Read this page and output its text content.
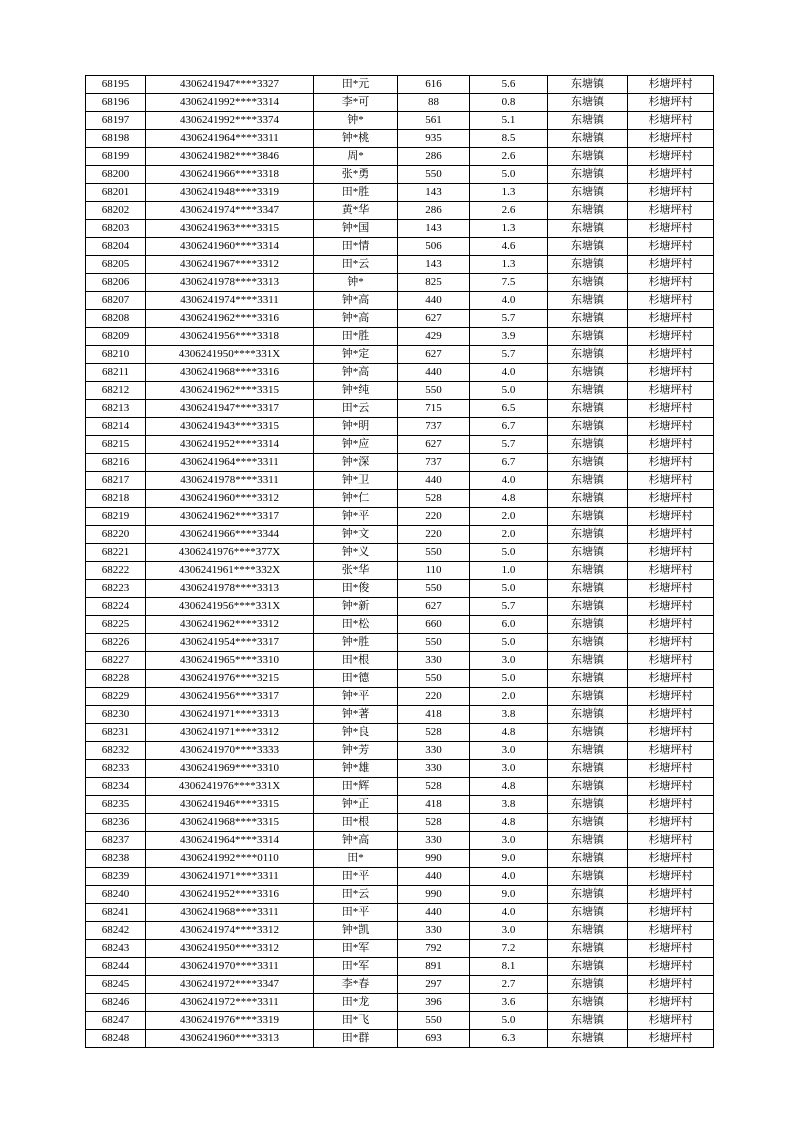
68195	4306241947****3327	田*元	616	5.6	东塘镇	杉塘坪村
68196	4306241992****3314	李*可	88	0.8	东塘镇	杉塘坪村
68197	4306241992****3374	钟*	561	5.1	东塘镇	杉塘坪村
68198	4306241964****3311	钟*桃	935	8.5	东塘镇	杉塘坪村
68199	4306241982****3846	周*	286	2.6	东塘镇	杉塘坪村
68200	4306241966****3318	张*勇	550	5.0	东塘镇	杉塘坪村
68201	4306241948****3319	田*胜	143	1.3	东塘镇	杉塘坪村
68202	4306241974****3347	黄*华	286	2.6	东塘镇	杉塘坪村
68203	4306241963****3315	钟*国	143	1.3	东塘镇	杉塘坪村
68204	4306241960****3314	田*情	506	4.6	东塘镇	杉塘坪村
68205	4306241967****3312	田*云	143	1.3	东塘镇	杉塘坪村
68206	4306241978****3313	钟*	825	7.5	东塘镇	杉塘坪村
68207	4306241974****3311	钟*高	440	4.0	东塘镇	杉塘坪村
68208	4306241962****3316	钟*高	627	5.7	东塘镇	杉塘坪村
68209	4306241956****3318	田*胜	429	3.9	东塘镇	杉塘坪村
68210	4306241950****331X	钟*定	627	5.7	东塘镇	杉塘坪村
68211	4306241968****3316	钟*高	440	4.0	东塘镇	杉塘坪村
68212	4306241962****3315	钟*纯	550	5.0	东塘镇	杉塘坪村
68213	4306241947****3317	田*云	715	6.5	东塘镇	杉塘坪村
68214	4306241943****3315	钟*明	737	6.7	东塘镇	杉塘坪村
68215	4306241952****3314	钟*应	627	5.7	东塘镇	杉塘坪村
68216	4306241964****3311	钟*深	737	6.7	东塘镇	杉塘坪村
68217	4306241978****3311	钟*卫	440	4.0	东塘镇	杉塘坪村
68218	4306241960****3312	钟*仁	528	4.8	东塘镇	杉塘坪村
68219	4306241962****3317	钟*平	220	2.0	东塘镇	杉塘坪村
68220	4306241966****3344	钟*文	220	2.0	东塘镇	杉塘坪村
68221	4306241976****377X	钟*义	550	5.0	东塘镇	杉塘坪村
68222	4306241961****332X	张*华	110	1.0	东塘镇	杉塘坪村
68223	4306241978****3313	田*俊	550	5.0	东塘镇	杉塘坪村
68224	4306241956****331X	钟*新	627	5.7	东塘镇	杉塘坪村
68225	4306241962****3312	田*松	660	6.0	东塘镇	杉塘坪村
68226	4306241954****3317	钟*胜	550	5.0	东塘镇	杉塘坪村
68227	4306241965****3310	田*根	330	3.0	东塘镇	杉塘坪村
68228	4306241976****3215	田*德	550	5.0	东塘镇	杉塘坪村
68229	4306241956****3317	钟*平	220	2.0	东塘镇	杉塘坪村
68230	4306241971****3313	钟*著	418	3.8	东塘镇	杉塘坪村
68231	4306241971****3312	钟*良	528	4.8	东塘镇	杉塘坪村
68232	4306241970****3333	钟*芳	330	3.0	东塘镇	杉塘坪村
68233	4306241969****3310	钟*雄	330	3.0	东塘镇	杉塘坪村
68234	4306241976****331X	田*辉	528	4.8	东塘镇	杉塘坪村
68235	4306241946****3315	钟*正	418	3.8	东塘镇	杉塘坪村
68236	4306241968****3315	田*根	528	4.8	东塘镇	杉塘坪村
68237	4306241964****3314	钟*高	330	3.0	东塘镇	杉塘坪村
68238	4306241992****0110	田*	990	9.0	东塘镇	杉塘坪村
68239	4306241971****3311	田*平	440	4.0	东塘镇	杉塘坪村
68240	4306241952****3316	田*云	990	9.0	东塘镇	杉塘坪村
68241	4306241968****3311	田*平	440	4.0	东塘镇	杉塘坪村
68242	4306241974****3312	钟*凯	330	3.0	东塘镇	杉塘坪村
68243	4306241950****3312	田*军	792	7.2	东塘镇	杉塘坪村
68244	4306241970****3311	田*军	891	8.1	东塘镇	杉塘坪村
68245	4306241972****3347	李*春	297	2.7	东塘镇	杉塘坪村
68246	4306241972****3311	田*龙	396	3.6	东塘镇	杉塘坪村
68247	4306241976****3319	田*飞	550	5.0	东塘镇	杉塘坪村
68248	4306241960****3313	田*群	693	6.3	东塘镇	杉塘坪村
